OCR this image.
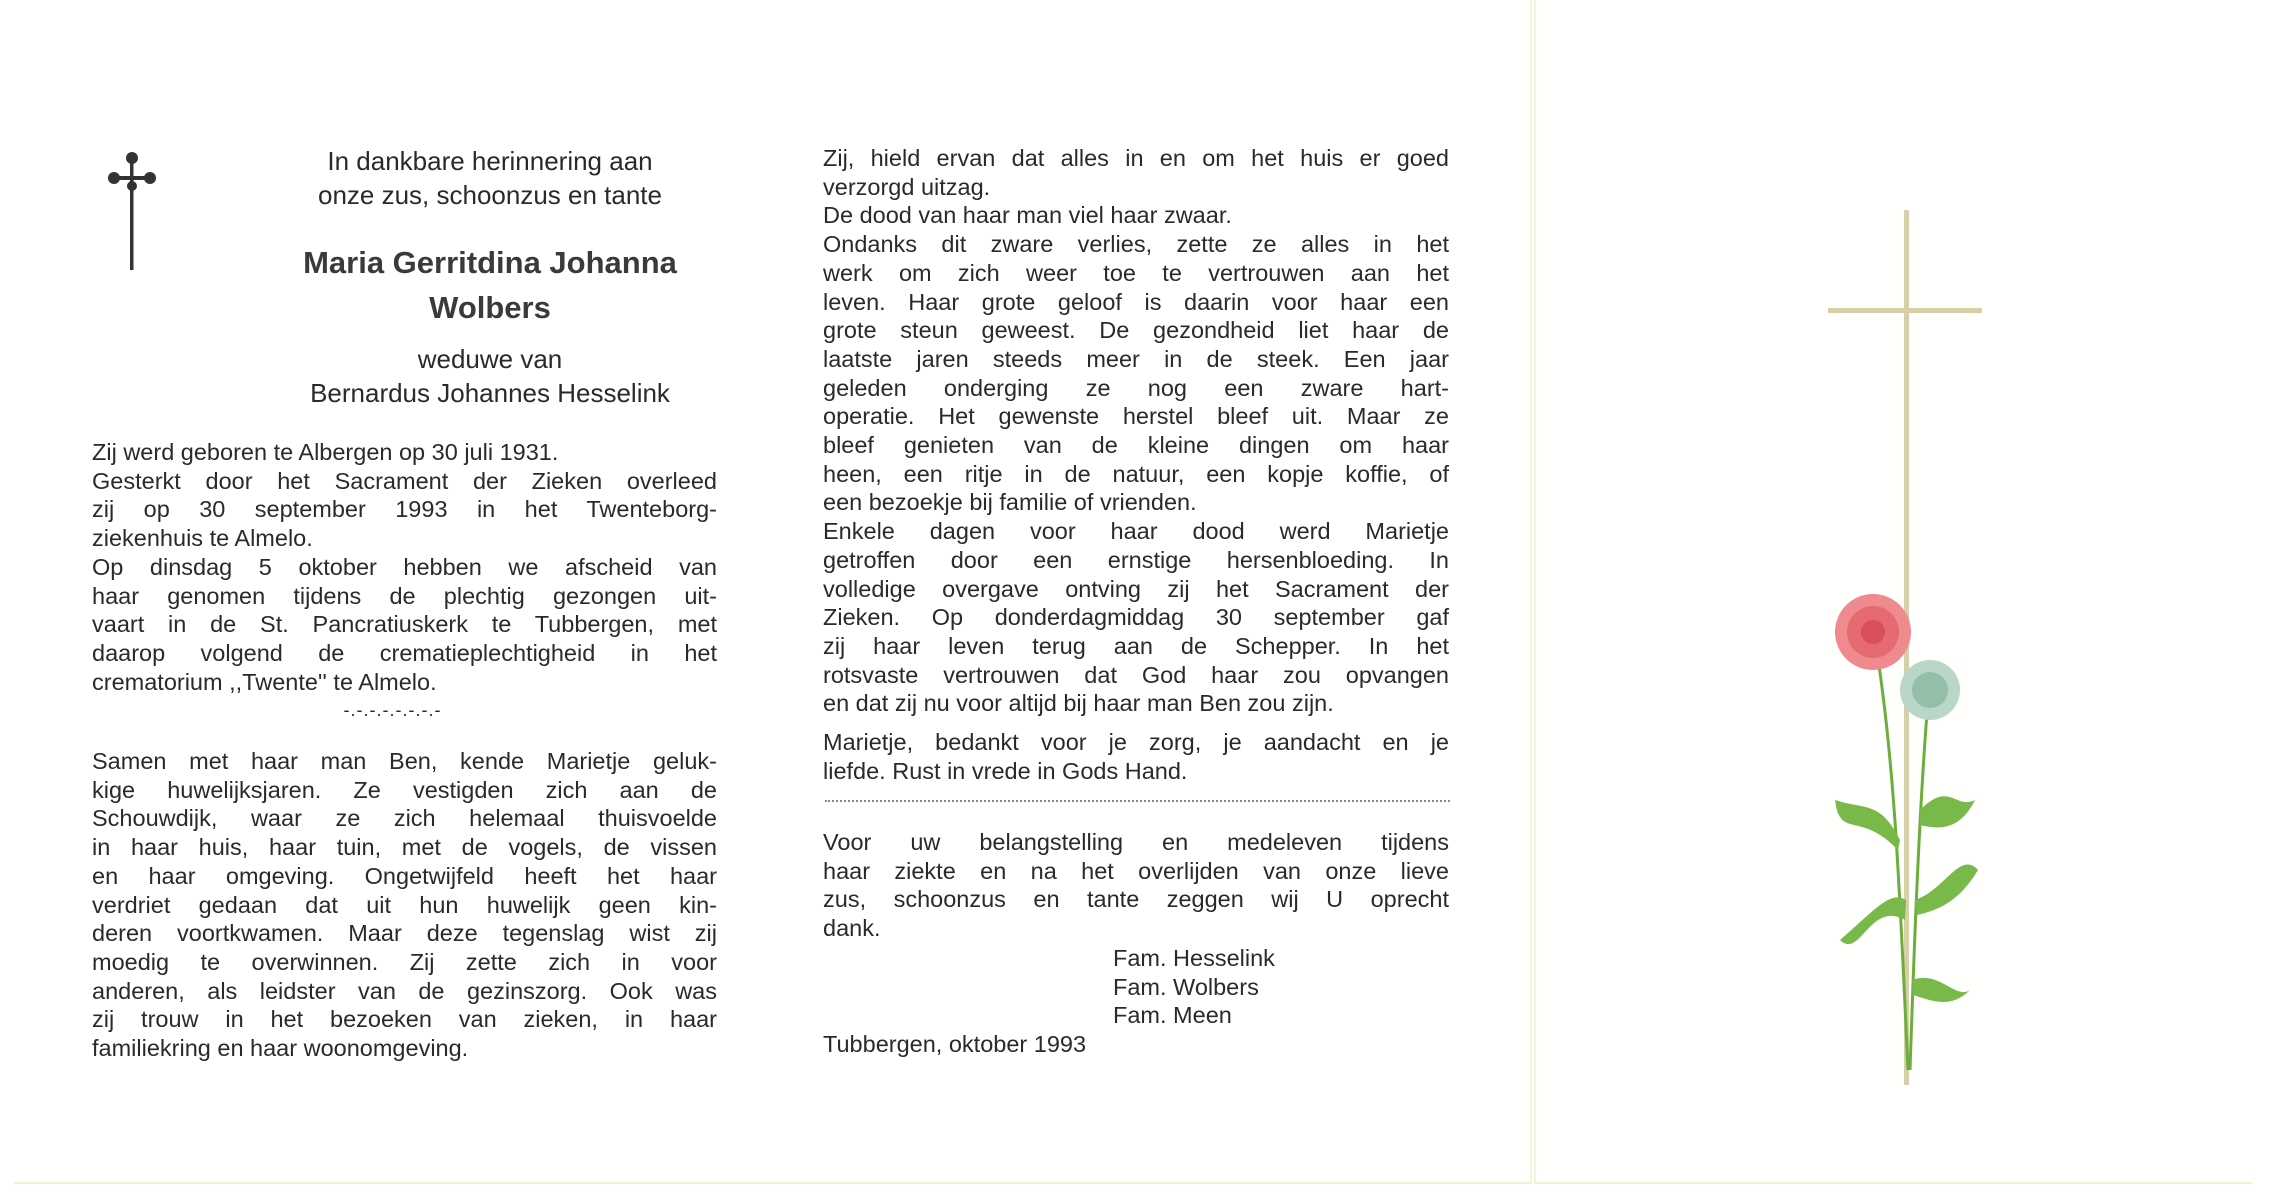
In dankbare herinnering aan
onze zus, schoonzus en tante
Maria Gerritdina Johanna
Wolbers
weduwe van
Bernardus Johannes Hesselink
Zij werd geboren te Albergen op 30 juli 1931.
Gesterkt door het Sacrament der Zieken overleed
zij op 30 september 1993 in het Twenteborg-
ziekenhuis te Almelo.
Op dinsdag 5 oktober hebben we afscheid van
haar genomen tijdens de plechtig gezongen uit-
vaart in de St. Pancratiuskerk te Tubbergen, met
daarop volgend de crematieplechtigheid in het
crematorium ,,Twente'' te Almelo.
-.-.-.-.-.-.-.-
Samen met haar man Ben, kende Marietje geluk-
kige huwelijksjaren. Ze vestigden zich aan de
Schouwdijk, waar ze zich helemaal thuisvoelde
in haar huis, haar tuin, met de vogels, de vissen
en haar omgeving. Ongetwijfeld heeft het haar
verdriet gedaan dat uit hun huwelijk geen kin-
deren voortkwamen. Maar deze tegenslag wist zij
moedig te overwinnen. Zij zette zich in voor
anderen, als leidster van de gezinszorg. Ook was
zij trouw in het bezoeken van zieken, in haar
familiekring en haar woonomgeving.
Zij, hield ervan dat alles in en om het huis er goed
verzorgd uitzag.
De dood van haar man viel haar zwaar.
Ondanks dit zware verlies, zette ze alles in het
werk om zich weer toe te vertrouwen aan het
leven. Haar grote geloof is daarin voor haar een
grote steun geweest. De gezondheid liet haar de
laatste jaren steeds meer in de steek. Een jaar
geleden onderging ze nog een zware hart-
operatie. Het gewenste herstel bleef uit. Maar ze
bleef genieten van de kleine dingen om haar
heen, een ritje in de natuur, een kopje koffie, of
een bezoekje bij familie of vrienden.
Enkele dagen voor haar dood werd Marietje
getroffen door een ernstige hersenbloeding. In
volledige overgave ontving zij het Sacrament der
Zieken. Op donderdagmiddag 30 september gaf
zij haar leven terug aan de Schepper. In het
rotsvaste vertrouwen dat God haar zou opvangen
en dat zij nu voor altijd bij haar man Ben zou zijn.
Marietje, bedankt voor je zorg, je aandacht en je
liefde. Rust in vrede in Gods Hand.
Voor uw belangstelling en medeleven tijdens
haar ziekte en na het overlijden van onze lieve
zus, schoonzus en tante zeggen wij U oprecht
dank.
Fam. Hesselink
Fam. Wolbers
Fam. Meen
Tubbergen, oktober 1993
